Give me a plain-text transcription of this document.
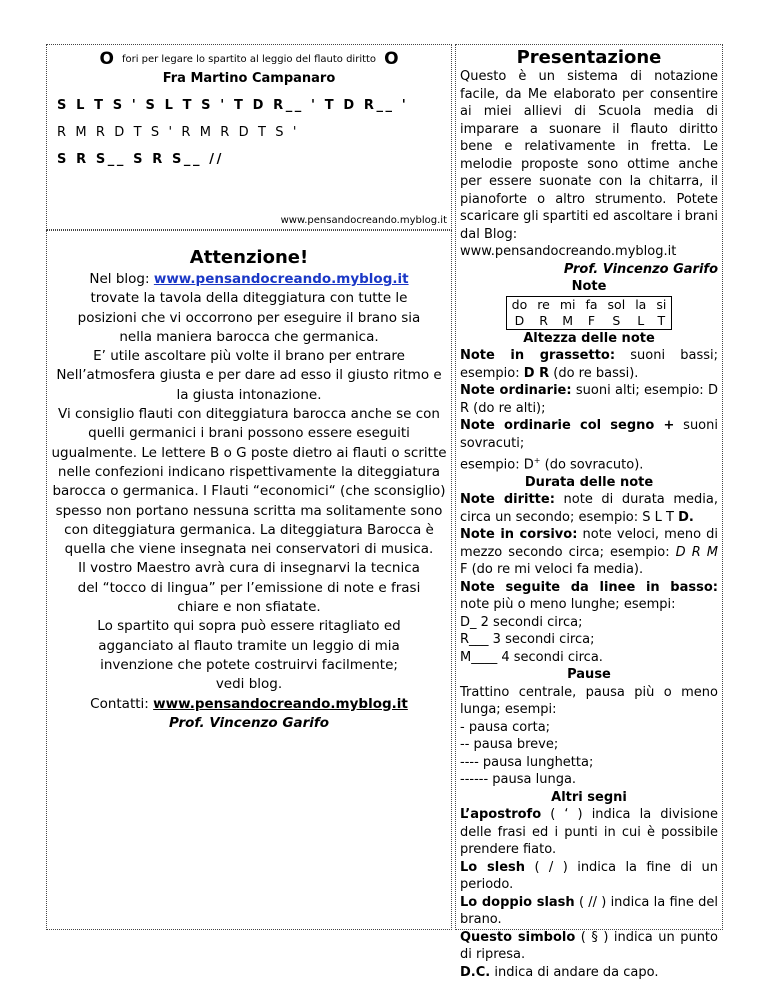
Ofori per legare lo spartito al leggio del flauto diritto O
Fra Martino Campanaro
S L T S ' S L T S ' T D R__ ' T D R__ '
R M R D T S ' R M R D T S '
S R S__ S R S__ //
www.pensandocreando.myblog.it
Attenzione!
Nel blog: www.pensandocreando.myblog.it
trovate la tavola della diteggiatura con tutte le posizioni che vi occorrono per eseguire il brano sia nella maniera barocca che germanica.
E’ utile ascoltare più volte il brano per entrare Nell’atmosfera giusta e per dare ad esso il giusto ritmo e la giusta intonazione.
Vi consiglio flauti con diteggiatura barocca anche se con quelli germanici i brani possono essere eseguiti ugualmente. Le lettere B o G poste dietro ai flauti o scritte nelle confezioni indicano rispettivamente la diteggiatura barocca o germanica. I Flauti “economici“ (che sconsiglio) spesso non portano nessuna scritta ma solitamente sono con diteggiatura germanica. La diteggiatura Barocca è quella che viene insegnata nei conservatori di musica.
Il vostro Maestro avrà cura di insegnarvi la tecnica del “tocco di lingua” per l’emissione di note e frasi chiare e non sfiatate.
Lo spartito qui sopra può essere ritagliato ed agganciato al flauto tramite un leggio di mia invenzione che potete costruirvi facilmente; vedi blog.
Contatti: www.pensandocreando.myblog.it
Prof. Vincenzo Garifo
Presentazione
Questo è un sistema di notazione facile, da Me elaborato per consentire ai miei allievi di Scuola media di imparare a suonare il flauto diritto bene e relativamente in fretta. Le melodie proposte sono ottime anche per essere suonate con la chitarra, il pianoforte o altro strumento. Potete scaricare gli spartiti ed ascoltare i brani dal Blog:
www.pensandocreando.myblog.it
Prof. Vincenzo Garifo
Note
do	re	mi	fa	sol	la	si
D	R	M	F	S	L	T
Altezza delle note
Note in grassetto: suoni bassi; esempio: D R (do re bassi).
Note ordinarie: suoni alti; esempio: D R (do re alti);
Note ordinarie col segno + suoni sovracuti;
esempio: D+ (do sovracuto).
Durata delle note
Note diritte: note di durata media, circa un secondo; esempio: S L T D.
Note in corsivo: note veloci, meno di mezzo secondo circa; esempio: D R M F (do re mi veloci fa media).
Note seguite da linee in basso: note più o meno lunghe; esempi:
D_ 2 secondi circa;
R___ 3 secondi circa;
M____ 4 secondi circa.
Pause
Trattino centrale, pausa più o meno lunga; esempi:
- pausa corta;
-- pausa breve;
---- pausa lunghetta;
------ pausa lunga.
Altri segni
L’apostrofo ( ‘ ) indica la divisione delle frasi ed i punti in cui è possibile prendere fiato.
Lo slesh ( / ) indica la fine di un periodo.
Lo doppio slash ( // ) indica la fine del brano.
Questo simbolo ( § ) indica un punto di ripresa.
D.C. indica di andare da capo.
